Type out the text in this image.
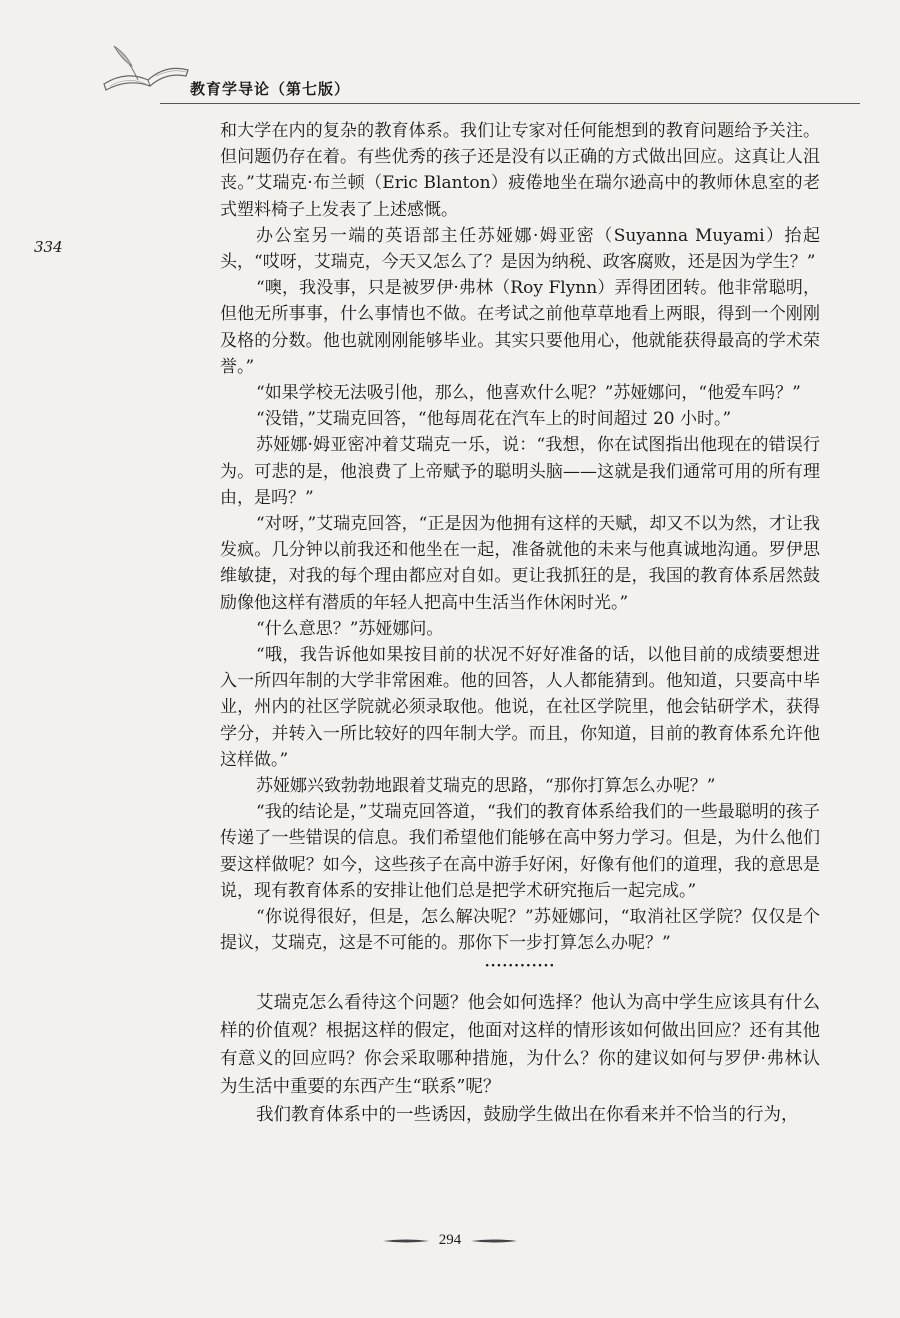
教育学导论（第七版）
334

和大学在内的复杂的教育体系。我们让专家对任何能想到的教育问题给予关注。但问题仍存在着。有些优秀的孩子还是没有以正确的方式做出回应。这真让人沮丧。”艾瑞克·布兰顿（Eric Blanton）疲倦地坐在瑞尔逊高中的教师休息室的老式塑料椅子上发表了上述感慨。

办公室另一端的英语部主任苏娅娜·姆亚密（Suyanna Muyami）抬起头，“哎呀，艾瑞克，今天又怎么了？是因为纳税、政客腐败，还是因为学生？”

“噢，我没事，只是被罗伊·弗林（Roy Flynn）弄得团团转。他非常聪明，但他无所事事，什么事情也不做。在考试之前他草草地看上两眼，得到一个刚刚及格的分数。他也就刚刚能够毕业。其实只要他用心，他就能获得最高的学术荣誉。”

“如果学校无法吸引他，那么，他喜欢什么呢？”苏娅娜问，“他爱车吗？”

“没错，”艾瑞克回答，“他每周花在汽车上的时间超过 20 小时。”

苏娅娜·姆亚密冲着艾瑞克一乐，说：“我想，你在试图指出他现在的错误行为。可悲的是，他浪费了上帝赋予的聪明头脑——这就是我们通常可用的所有理由，是吗？”

“对呀，”艾瑞克回答，“正是因为他拥有这样的天赋，却又不以为然，才让我发疯。几分钟以前我还和他坐在一起，准备就他的未来与他真诚地沟通。罗伊思维敏捷，对我的每个理由都应对自如。更让我抓狂的是，我国的教育体系居然鼓励像他这样有潜质的年轻人把高中生活当作休闲时光。”

“什么意思？”苏娅娜问。

“哦，我告诉他如果按目前的状况不好好准备的话，以他目前的成绩要想进入一所四年制的大学非常困难。他的回答，人人都能猜到。他知道，只要高中毕业，州内的社区学院就必须录取他。他说，在社区学院里，他会钻研学术，获得学分，并转入一所比较好的四年制大学。而且，你知道，目前的教育体系允许他这样做。”

苏娅娜兴致勃勃地跟着艾瑞克的思路，“那你打算怎么办呢？”

“我的结论是，”艾瑞克回答道，“我们的教育体系给我们的一些最聪明的孩子传递了一些错误的信息。我们希望他们能够在高中努力学习。但是，为什么他们要这样做呢？如今，这些孩子在高中游手好闲，好像有他们的道理，我的意思是说，现有教育体系的安排让他们总是把学术研究拖后一起完成。”

“你说得很好，但是，怎么解决呢？”苏娅娜问，“取消社区学院？仅仅是个提议，艾瑞克，这是不可能的。那你下一步打算怎么办呢？”

············

艾瑞克怎么看待这个问题？他会如何选择？他认为高中学生应该具有什么样的价值观？根据这样的假定，他面对这样的情形该如何做出回应？还有其他有意义的回应吗？你会采取哪种措施，为什么？你的建议如何与罗伊·弗林认为生活中重要的东西产生“联系”呢？

我们教育体系中的一些诱因，鼓励学生做出在你看来并不恰当的行为，

294
